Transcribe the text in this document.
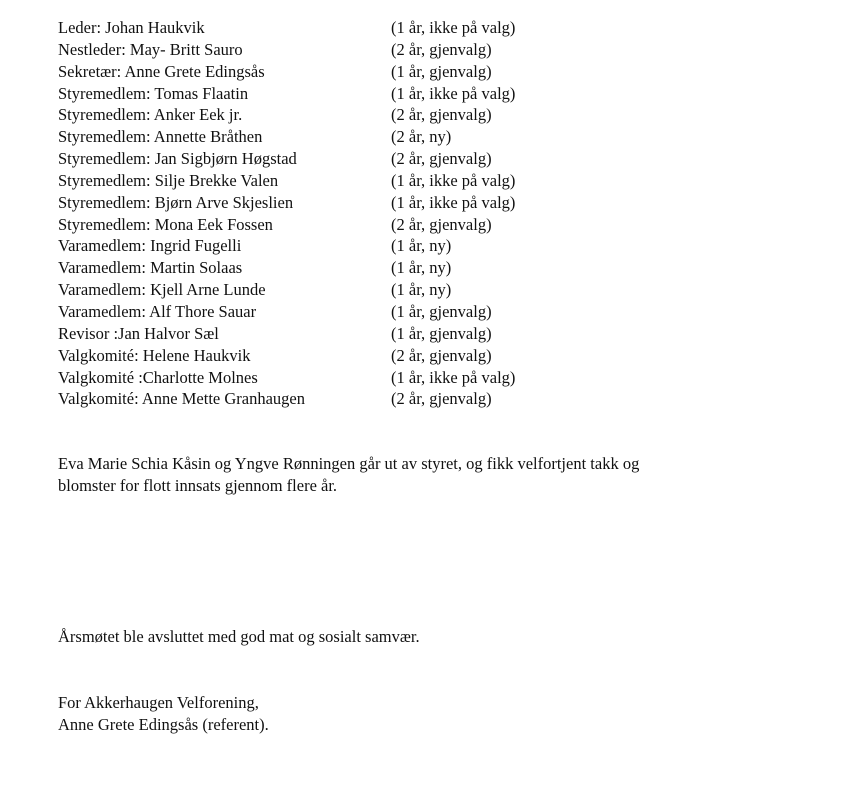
Leder: Johan Haukvik	(1 år, ikke på valg)
Nestleder: May- Britt Sauro	(2 år, gjenvalg)
Sekretær: Anne Grete Edingsås	(1 år, gjenvalg)
Styremedlem: Tomas Flaatin	(1 år, ikke på valg)
Styremedlem: Anker Eek jr.	(2 år, gjenvalg)
Styremedlem: Annette Bråthen	(2 år, ny)
Styremedlem: Jan Sigbjørn Høgstad	(2 år, gjenvalg)
Styremedlem: Silje Brekke Valen	(1 år, ikke på valg)
Styremedlem: Bjørn Arve Skjeslien	(1 år, ikke på valg)
Styremedlem: Mona Eek Fossen	(2 år, gjenvalg)
Varamedlem: Ingrid Fugelli	(1 år, ny)
Varamedlem: Martin Solaas	(1 år, ny)
Varamedlem: Kjell Arne Lunde	(1 år, ny)
Varamedlem: Alf Thore Sauar	(1 år, gjenvalg)
Revisor :Jan Halvor Sæl	(1 år, gjenvalg)
Valgkomité: Helene Haukvik	(2 år, gjenvalg)
Valgkomité :Charlotte Molnes	(1 år, ikke på valg)
Valgkomité: Anne Mette Granhaugen	(2 år, gjenvalg)

Eva Marie Schia Kåsin og Yngve Rønningen går ut av styret, og fikk velfortjent takk og
blomster for flott innsats gjennom flere år.

Årsmøtet ble avsluttet med god mat og sosialt samvær.

For Akkerhaugen Velforening,
Anne Grete Edingsås (referent).
